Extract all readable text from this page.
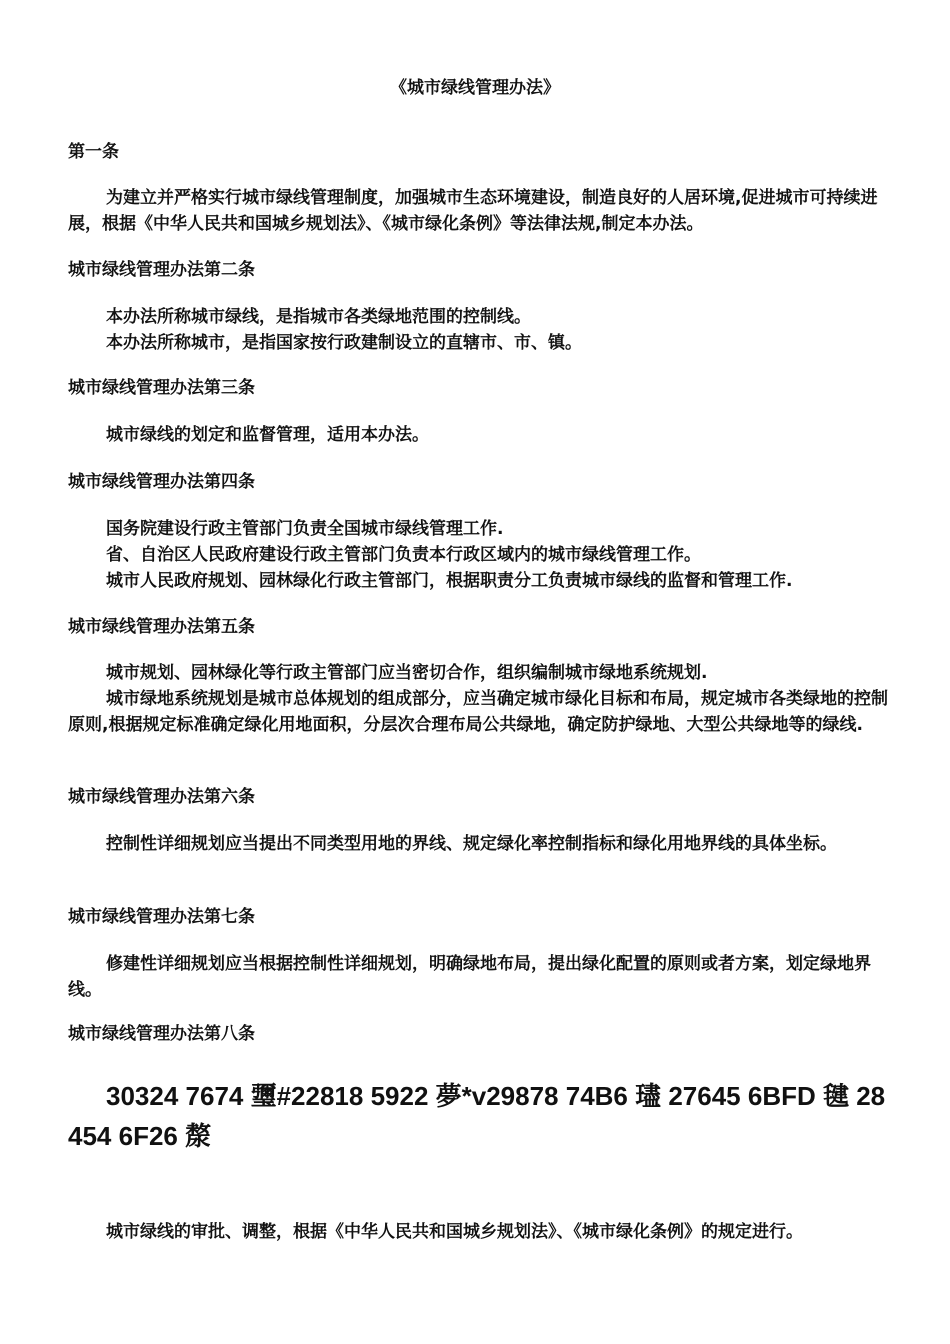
《城市绿线管理办法》
第一条

为建立并严格实行城市绿线管理制度，加强城市生态环境建设，制造良好的人居环境,促进城市可持续进展，根据《中华人民共和国城乡规划法》、《城市绿化条例》等法律法规,制定本办法。

城市绿线管理办法第二条

本办法所称城市绿线，是指城市各类绿地范围的控制线。

本办法所称城市，是指国家按行政建制设立的直辖市、市、镇。

城市绿线管理办法第三条

城市绿线的划定和监督管理，适用本办法。

城市绿线管理办法第四条

国务院建设行政主管部门负责全国城市绿线管理工作.

省、自治区人民政府建设行政主管部门负责本行政区域内的城市绿线管理工作。

城市人民政府规划、园林绿化行政主管部门，根据职责分工负责城市绿线的监督和管理工作.

城市绿线管理办法第五条

城市规划、园林绿化等行政主管部门应当密切合作，组织编制城市绿地系统规划.

城市绿地系统规划是城市总体规划的组成部分，应当确定城市绿化目标和布局，规定城市各类绿地的控制原则,根据规定标准确定绿化用地面积，分层次合理布局公共绿地，确定防护绿地、大型公共绿地等的绿线.

城市绿线管理办法第六条

控制性详细规划应当提出不同类型用地的界线、规定绿化率控制指标和绿化用地界线的具体坐标。

城市绿线管理办法第七条

修建性详细规划应当根据控制性详细规划，明确绿地布局，提出绿化配置的原则或者方案，划定绿地界线。

城市绿线管理办法第八条
30324 7674 瓕#22818 5922 夢*v29878 74B6 璶 27645 6BFD 毽 28454 6F26 漦

城市绿线的审批、调整，根据《中华人民共和国城乡规划法》、《城市绿化条例》的规定进行。
